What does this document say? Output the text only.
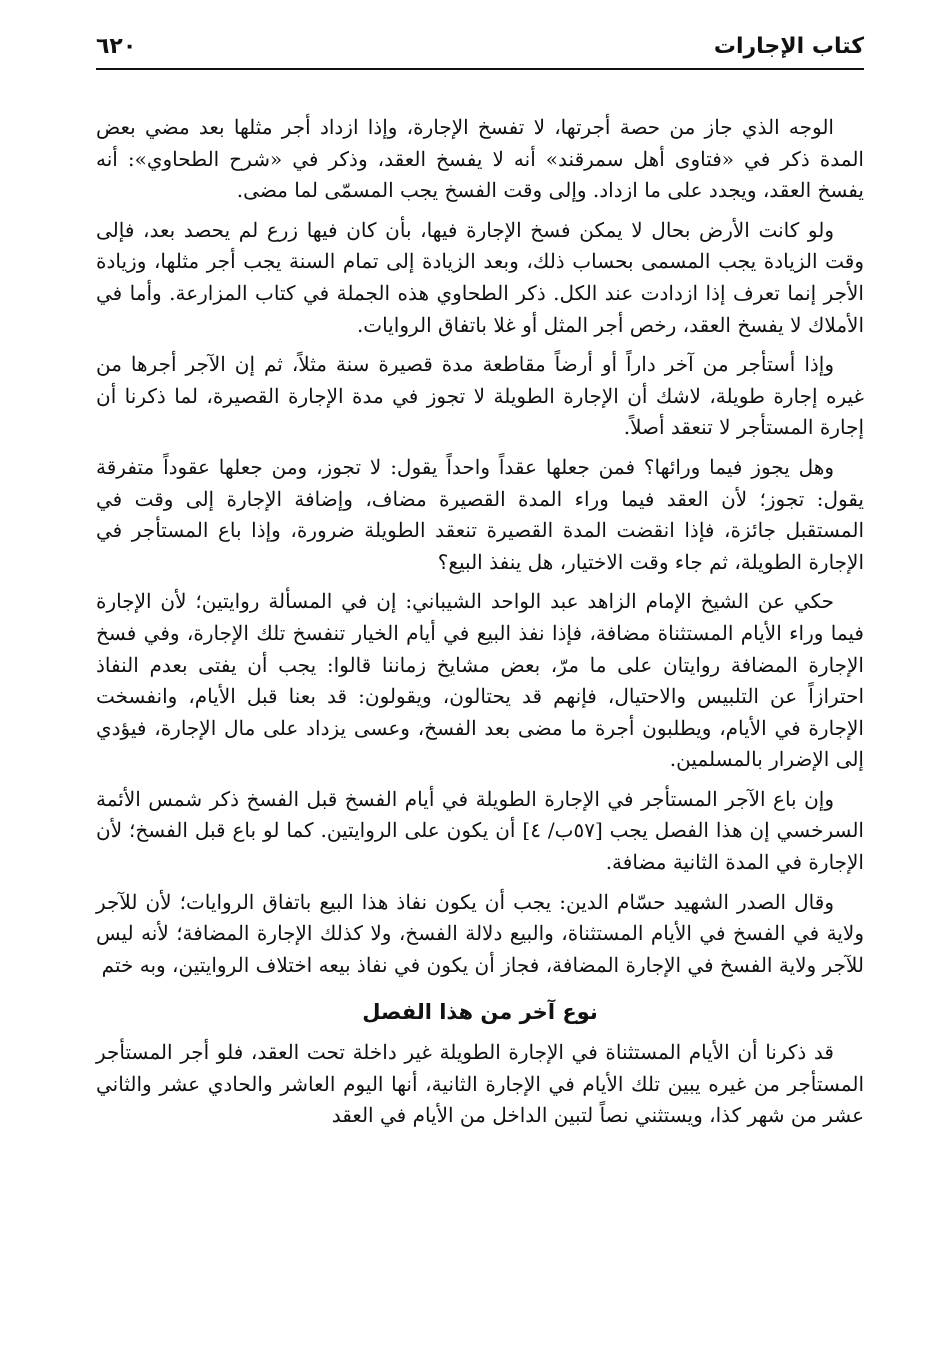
كتاب الإجارات
٦٢٠

الوجه الذي جاز من حصة أجرتها، لا تفسخ الإجارة، وإذا ازداد أجر مثلها بعد مضي بعض المدة ذكر في «فتاوى أهل سمرقند» أنه لا يفسخ العقد، وذكر في «شرح الطحاوي»: أنه يفسخ العقد، ويجدد على ما ازداد. وإلى وقت الفسخ يجب المسمّى لما مضى.

ولو كانت الأرض بحال لا يمكن فسخ الإجارة فيها، بأن كان فيها زرع لم يحصد بعد، فإلى وقت الزيادة يجب المسمى بحساب ذلك، وبعد الزيادة إلى تمام السنة يجب أجر مثلها، وزيادة الأجر إنما تعرف إذا ازدادت عند الكل. ذكر الطحاوي هذه الجملة في كتاب المزارعة. وأما في الأملاك لا يفسخ العقد، رخص أجر المثل أو غلا باتفاق الروايات.

وإذا أستأجر من آخر داراً أو أرضاً مقاطعة مدة قصيرة سنة مثلاً، ثم إن الآجر أجرها من غيره إجارة طويلة، لاشك أن الإجارة الطويلة لا تجوز في مدة الإجارة القصيرة، لما ذكرنا أن إجارة المستأجر لا تنعقد أصلاً.

وهل يجوز فيما ورائها؟ فمن جعلها عقداً واحداً يقول: لا تجوز، ومن جعلها عقوداً متفرقة يقول: تجوز؛ لأن العقد فيما وراء المدة القصيرة مضاف، وإضافة الإجارة إلى وقت في المستقبل جائزة، فإذا انقضت المدة القصيرة تنعقد الطويلة ضرورة، وإذا باع المستأجر في الإجارة الطويلة، ثم جاء وقت الاختيار، هل ينفذ البيع؟

حكي عن الشيخ الإمام الزاهد عبد الواحد الشيباني: إن في المسألة روايتين؛ لأن الإجارة فيما وراء الأيام المستثناة مضافة، فإذا نفذ البيع في أيام الخيار تنفسخ تلك الإجارة، وفي فسخ الإجارة المضافة روايتان على ما مرّ، بعض مشايخ زماننا قالوا: يجب أن يفتى بعدم النفاذ احترازاً عن التلبيس والاحتيال، فإنهم قد يحتالون، ويقولون: قد بعنا قبل الأيام، وانفسخت الإجارة في الأيام، ويطلبون أجرة ما مضى بعد الفسخ، وعسى يزداد على مال الإجارة، فيؤدي إلى الإضرار بالمسلمين.

وإن باع الآجر المستأجر في الإجارة الطويلة في أيام الفسخ قبل الفسخ ذكر شمس الأئمة السرخسي إن هذا الفصل يجب [٥٧ب/ ٤] أن يكون على الروايتين. كما لو باع قبل الفسخ؛ لأن الإجارة في المدة الثانية مضافة.

وقال الصدر الشهيد حسّام الدين: يجب أن يكون نفاذ هذا البيع باتفاق الروايات؛ لأن للآجر ولاية في الفسخ في الأيام المستثناة، والبيع دلالة الفسخ، ولا كذلك الإجارة المضافة؛ لأنه ليس للآجر ولاية الفسخ في الإجارة المضافة، فجاز أن يكون في نفاذ بيعه اختلاف الروايتين، وبه ختم

نوع آخر من هذا الفصل

قد ذكرنا أن الأيام المستثناة في الإجارة الطويلة غير داخلة تحت العقد، فلو أجر المستأجر المستأجر من غيره يبين تلك الأيام في الإجارة الثانية، أنها اليوم العاشر والحادي عشر والثاني عشر من شهر كذا، ويستثني نصاً لتبين الداخل من الأيام في العقد
